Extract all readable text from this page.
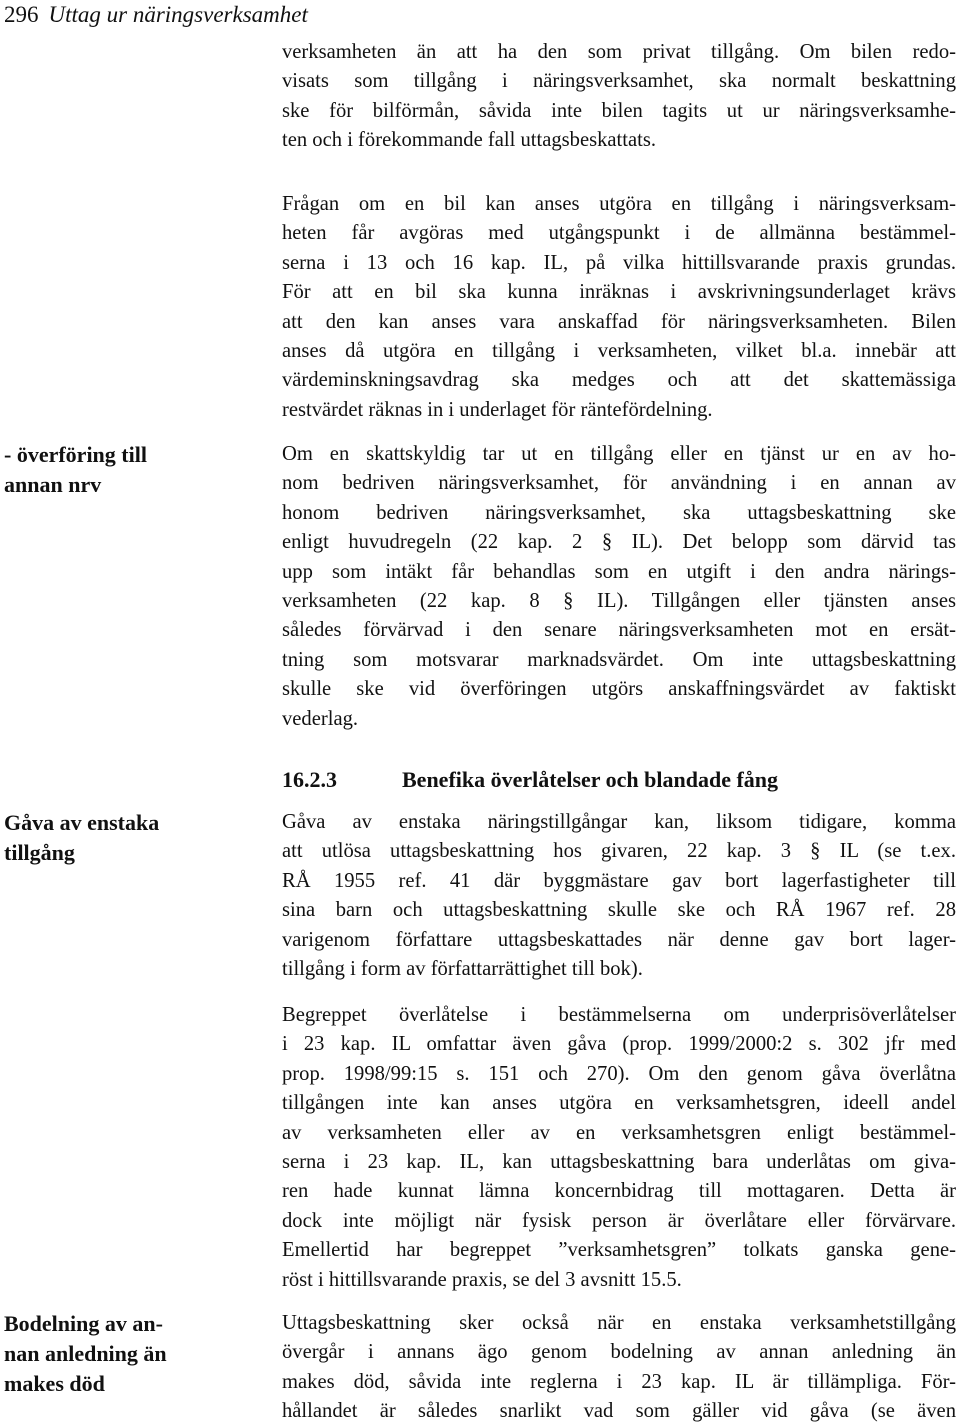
296 Uttag ur näringsverksamhet
- överföring till
annan nrv
Gåva av enstaka
tillgång
Bodelning av an-
nan anledning än
makes död
verksamheten än att ha den som privat tillgång. Om bilen redo-
visats som tillgång i näringsverksamhet, ska normalt beskattning
ske för bilförmån, såvida inte bilen tagits ut ur näringsverksamhe-
ten och i förekommande fall uttagsbeskattats.
Frågan om en bil kan anses utgöra en tillgång i näringsverksam-
heten får avgöras med utgångspunkt i de allmänna bestämmel-
serna i 13 och 16 kap. IL, på vilka hittillsvarande praxis grundas.
För att en bil ska kunna inräknas i avskrivningsunderlaget krävs
att den kan anses vara anskaffad för näringsverksamheten. Bilen
anses då utgöra en tillgång i verksamheten, vilket bl.a. innebär att
värdeminskningsavdrag ska medges och att det skattemässiga
restvärdet räknas in i underlaget för räntefördelning.
Om en skattskyldig tar ut en tillgång eller en tjänst ur en av ho-
nom bedriven näringsverksamhet, för användning i en annan av
honom bedriven näringsverksamhet, ska uttagsbeskattning ske
enligt huvudregeln (22 kap. 2 § IL). Det belopp som därvid tas
upp som intäkt får behandlas som en utgift i den andra närings-
verksamheten (22 kap. 8 § IL). Tillgången eller tjänsten anses
således förvärvad i den senare näringsverksamheten mot en ersät-
tning som motsvarar marknadsvärdet. Om inte uttagsbeskattning
skulle ske vid överföringen utgörs anskaffningsvärdet av faktiskt
vederlag.
16.2.3	Benefika överlåtelser och blandade fång
Gåva av enstaka näringstillgångar kan, liksom tidigare, komma
att utlösa uttagsbeskattning hos givaren, 22 kap. 3 § IL (se t.ex.
RÅ 1955 ref. 41 där byggmästare gav bort lagerfastigheter till
sina barn och uttagsbeskattning skulle ske och RÅ 1967 ref. 28
varigenom författare uttagsbeskattades när denne gav bort lager-
tillgång i form av författarrättighet till bok).
Begreppet överlåtelse i bestämmelserna om underprisöverlåtelser
i 23 kap. IL omfattar även gåva (prop. 1999/2000:2 s. 302 jfr med
prop. 1998/99:15 s. 151 och 270). Om den genom gåva överlåtna
tillgången inte kan anses utgöra en verksamhetsgren, ideell andel
av verksamheten eller av en verksamhetsgren enligt bestämmel-
serna i 23 kap. IL, kan uttagsbeskattning bara underlåtas om giva-
ren hade kunnat lämna koncernbidrag till mottagaren. Detta är
dock inte möjligt när fysisk person är överlåtare eller förvärvare.
Emellertid har begreppet ”verksamhetsgren” tolkats ganska gene-
röst i hittillsvarande praxis, se del 3 avsnitt 15.5.
Uttagsbeskattning sker också när en enstaka verksamhetstillgång
övergår i annans ägo genom bodelning av annan anledning än
makes död, såvida inte reglerna i 23 kap. IL är tillämpliga. För-
hållandet är således snarlikt vad som gäller vid gåva (se även
